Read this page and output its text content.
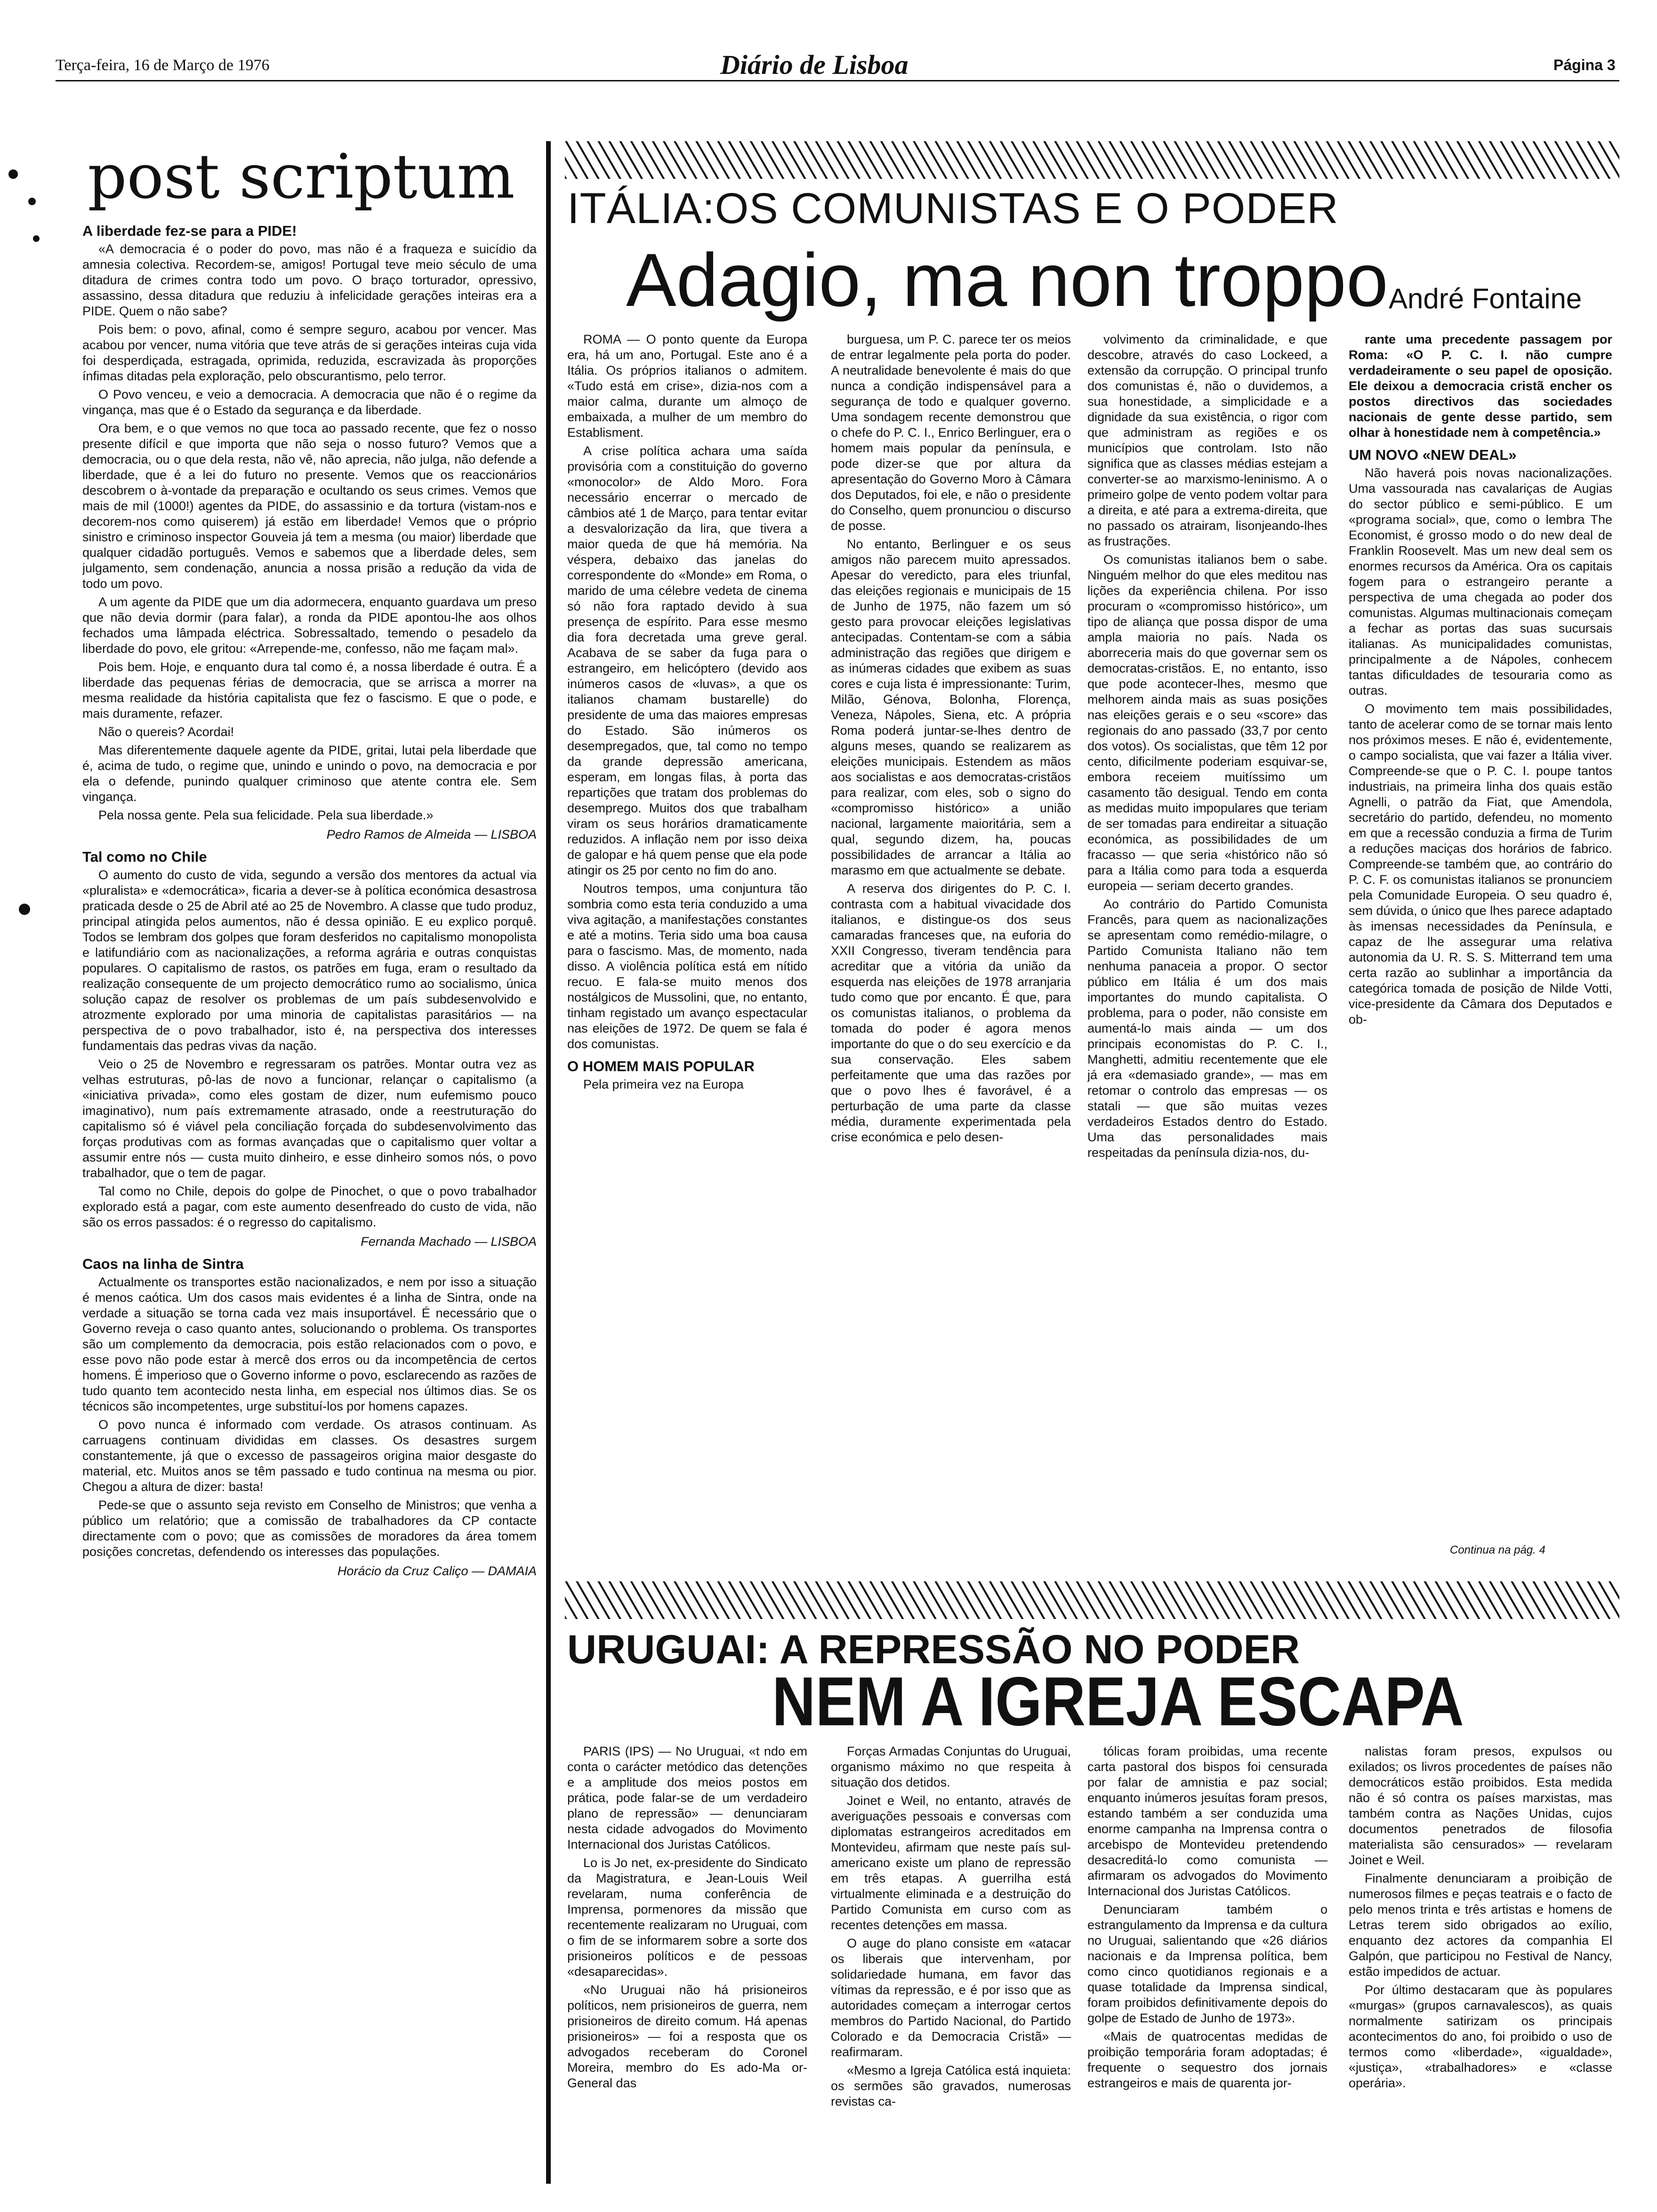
Terça-feira, 16 de Março de 1976	Diário de Lisboa	Página 3
post scriptum
A liberdade fez-se para a PIDE!

«A democracia é o poder do povo, mas não é a fraqueza e suicídio da amnesia colectiva. Recordem-se, amigos! Portugal teve meio século de uma ditadura de crimes contra todo um povo. O braço torturador, opressivo, assassino, dessa ditadura que reduziu à infelicidade gerações inteiras era a PIDE. Quem o não sabe?

Pois bem: o povo, afinal, como é sempre seguro, acabou por vencer. Mas acabou por vencer, numa vitória que teve atrás de si gerações inteiras cuja vida foi desperdiçada, estragada, oprimida, reduzida, escravizada às proporções ínfimas ditadas pela exploração, pelo obscurantismo, pelo terror.

O Povo venceu, e veio a democracia. A democracia que não é o regime da vingança, mas que é o Estado da segurança e da liberdade.

Ora bem, e o que vemos no que toca ao passado recente, que fez o nosso presente difícil e que importa que não seja o nosso futuro? Vemos que a democracia, ou o que dela resta, não vê, não aprecia, não julga, não defende a liberdade, que é a lei do futuro no presente. Vemos que os reaccionários descobrem o à-vontade da preparação e ocultando os seus crimes. Vemos que mais de mil (1000!) agentes da PIDE, do assassinio e da tortura (vistam-nos e decorem-nos como quiserem) já estão em liberdade! Vemos que o próprio sinistro e criminoso inspector Gouveia já tem a mesma (ou maior) liberdade que qualquer cidadão português. Vemos e sabemos que a liberdade deles, sem julgamento, sem condenação, anuncia a nossa prisão a redução da vida de todo um povo.

A um agente da PIDE que um dia adormecera, enquanto guardava um preso que não devia dormir (para falar), a ronda da PIDE apontou-lhe aos olhos fechados uma lâmpada eléctrica. Sobressaltado, temendo o pesadelo da liberdade do povo, ele gritou: «Arrepende-me, confesso, não me façam mal».

Pois bem. Hoje, e enquanto dura tal como é, a nossa liberdade é outra. É a liberdade das pequenas férias de democracia, que se arrisca a morrer na mesma realidade da história capitalista que fez o fascismo. E que o pode, e mais duramente, refazer.

Não o quereis? Acordai!

Mas diferentemente daquele agente da PIDE, gritai, lutai pela liberdade que é, acima de tudo, o regime que, unindo e unindo o povo, na democracia e por ela o defende, punindo qualquer criminoso que atente contra ele. Sem vingança.

Pela nossa gente. Pela sua felicidade. Pela sua liberdade.»

Pedro Ramos de Almeida — LISBOA

Tal como no Chile

O aumento do custo de vida, segundo a versão dos mentores da actual via «pluralista» e «democrática», ficaria a dever-se à política económica desastrosa praticada desde o 25 de Abril até ao 25 de Novembro. A classe que tudo produz, principal atingida pelos aumentos, não é dessa opinião. E eu explico porquê. Todos se lembram dos golpes que foram desferidos no capitalismo monopolista e latifundiário com as nacionalizações, a reforma agrária e outras conquistas populares. O capitalismo de rastos, os patrões em fuga, eram o resultado da realização consequente de um projecto democrático rumo ao socialismo, única solução capaz de resolver os problemas de um país subdesenvolvido e atrozmente explorado por uma minoria de capitalistas parasitários — na perspectiva de o povo trabalhador, isto é, na perspectiva dos interesses fundamentais das pedras vivas da nação.

Veio o 25 de Novembro e regressaram os patrões. Montar outra vez as velhas estruturas, pô-las de novo a funcionar, relançar o capitalismo (a «iniciativa privada», como eles gostam de dizer, num eufemismo pouco imaginativo), num país extremamente atrasado, onde a reestruturação do capitalismo só é viável pela conciliação forçada do subdesenvolvimento das forças produtivas com as formas avançadas que o capitalismo quer voltar a assumir entre nós — custa muito dinheiro, e esse dinheiro somos nós, o povo trabalhador, que o tem de pagar.

Tal como no Chile, depois do golpe de Pinochet, o que o povo trabalhador explorado está a pagar, com este aumento desenfreado do custo de vida, não são os erros passados: é o regresso do capitalismo.

Fernanda Machado — LISBOA

Caos na linha de Sintra

Actualmente os transportes estão nacionalizados, e nem por isso a situação é menos caótica. Um dos casos mais evidentes é a linha de Sintra, onde na verdade a situação se torna cada vez mais insuportável. É necessário que o Governo reveja o caso quanto antes, solucionando o problema. Os transportes são um complemento da democracia, pois estão relacionados com o povo, e esse povo não pode estar à mercê dos erros ou da incompetência de certos homens. É imperioso que o Governo informe o povo, esclarecendo as razões de tudo quanto tem acontecido nesta linha, em especial nos últimos dias. Se os técnicos são incompetentes, urge substituí-los por homens capazes.

O povo nunca é informado com verdade. Os atrasos continuam. As carruagens continuam divididas em classes. Os desastres surgem constantemente, já que o excesso de passageiros origina maior desgaste do material, etc. Muitos anos se têm passado e tudo continua na mesma ou pior. Chegou a altura de dizer: basta!

Pede-se que o assunto seja revisto em Conselho de Ministros; que venha a público um relatório; que a comissão de trabalhadores da CP contacte directamente com o povo; que as comissões de moradores da área tomem posições concretas, defendendo os interesses das populações.

Horácio da Cruz Caliço — DAMAIA

ITÁLIA:OS COMUNISTAS E O PODER
Adagio, ma non troppo André Fontaine

ROMA — O ponto quente da Europa era, há um ano, Portugal. Este ano é a Itália. Os próprios italianos o admitem. «Tudo está em crise», dizia-nos com a maior calma, durante um almoço de embaixada, a mulher de um membro do Establisment.

A crise política achara uma saída provisória com a constituição do governo «monocolor» de Aldo Moro. Fora necessário encerrar o mercado de câmbios até 1 de Março, para tentar evitar a desvalorização da lira, que tivera a maior queda de que há memória. Na véspera, debaixo das janelas do correspondente do «Monde» em Roma, o marido de uma célebre vedeta de cinema só não fora raptado devido à sua presença de espírito. Para esse mesmo dia fora decretada uma greve geral. Acabava de se saber da fuga para o estrangeiro, em helicóptero (devido aos inúmeros casos de «luvas», a que os italianos chamam bustarelle) do presidente de uma das maiores empresas do Estado. São inúmeros os desempregados, que, tal como no tempo da grande depressão americana, esperam, em longas filas, à porta das repartições que tratam dos problemas do desemprego. Muitos dos que trabalham viram os seus horários dramaticamente reduzidos. A inflação nem por isso deixa de galopar e há quem pense que ela pode atingir os 25 por cento no fim do ano.

Noutros tempos, uma conjuntura tão sombria como esta teria conduzido a uma viva agitação, a manifestações constantes e até a motins. Teria sido uma boa causa para o fascismo. Mas, de momento, nada disso. A violência política está em nítido recuo. E fala-se muito menos dos nostálgicos de Mussolini, que, no entanto, tinham registado um avanço espectacular nas eleições de 1972. De quem se fala é dos comunistas.

O HOMEM MAIS POPULAR

Pela primeira vez na Europa

burguesa, um P. C. parece ter os meios de entrar legalmente pela porta do poder. A neutralidade benevolente é mais do que nunca a condição indispensável para a segurança de todo e qualquer governo. Uma sondagem recente demonstrou que o chefe do P. C. I., Enrico Berlinguer, era o homem mais popular da península, e pode dizer-se que por altura da apresentação do Governo Moro à Câmara dos Deputados, foi ele, e não o presidente do Conselho, quem pronunciou o discurso de posse.

No entanto, Berlinguer e os seus amigos não parecem muito apressados. Apesar do veredicto, para eles triunfal, das eleições regionais e municipais de 15 de Junho de 1975, não fazem um só gesto para provocar eleições legislativas antecipadas. Contentam-se com a sábia administração das regiões que dirigem e as inúmeras cidades que exibem as suas cores e cuja lista é impressionante: Turim, Milão, Génova, Bolonha, Florença, Veneza, Nápoles, Siena, etc. A própria Roma poderá juntar-se-lhes dentro de alguns meses, quando se realizarem as eleições municipais. Estendem as mãos aos socialistas e aos democratas-cristãos para realizar, com eles, sob o signo do «compromisso histórico» a união nacional, largamente maioritária, sem a qual, segundo dizem, ha, poucas possibilidades de arrancar a Itália ao marasmo em que actualmente se debate.

A reserva dos dirigentes do P. C. I. contrasta com a habitual vivacidade dos italianos, e distingue-os dos seus camaradas franceses que, na euforia do XXII Congresso, tiveram tendência para acreditar que a vitória da união da esquerda nas eleições de 1978 arranjaria tudo como que por encanto. É que, para os comunistas italianos, o problema da tomada do poder é agora menos importante do que o do seu exercício e da sua conservação. Eles sabem perfeitamente que uma das razões por que o povo lhes é favorável, é a perturbação de uma parte da classe média, duramente experimentada pela crise económica e pelo desen-

volvimento da criminalidade, e que descobre, através do caso Lockeed, a extensão da corrupção. O principal trunfo dos comunistas é, não o duvidemos, a sua honestidade, a simplicidade e a dignidade da sua existência, o rigor com que administram as regiões e os municípios que controlam. Isto não significa que as classes médias estejam a converter-se ao marxismo-leninismo. A o primeiro golpe de vento podem voltar para a direita, e até para a extrema-direita, que no passado os atrairam, lisonjeando-lhes as frustrações.

Os comunistas italianos bem o sabe. Ninguém melhor do que eles meditou nas lições da experiência chilena. Por isso procuram o «compromisso histórico», um tipo de aliança que possa dispor de uma ampla maioria no país. Nada os aborreceria mais do que governar sem os democratas-cristãos. E, no entanto, isso que pode acontecer-lhes, mesmo que melhorem ainda mais as suas posições nas eleições gerais e o seu «score» das regionais do ano passado (33,7 por cento dos votos). Os socialistas, que têm 12 por cento, dificilmente poderiam esquivar-se, embora receiem muitíssimo um casamento tão desigual. Tendo em conta as medidas muito impopulares que teriam de ser tomadas para endireitar a situação económica, as possibilidades de um fracasso — que seria «histórico não só para a Itália como para toda a esquerda europeia — seriam decerto grandes.

Ao contrário do Partido Comunista Francês, para quem as nacionalizações se apresentam como remédio-milagre, o Partido Comunista Italiano não tem nenhuma panaceia a propor. O sector público em Itália é um dos mais importantes do mundo capitalista. O problema, para o poder, não consiste em aumentá-lo mais ainda — um dos principais economistas do P. C. I., Manghetti, admitiu recentemente que ele já era «demasiado grande», — mas em retomar o controlo das empresas — os statali — que são muitas vezes verdadeiros Estados dentro do Estado. Uma das personalidades mais respeitadas da península dizia-nos, du-

rante uma precedente passagem por Roma: «O P. C. I. não cumpre verdadeiramente o seu papel de oposição. Ele deixou a democracia cristã encher os postos directivos das sociedades nacionais de gente desse partido, sem olhar à honestidade nem à competência.»

UM NOVO «NEW DEAL»

Não haverá pois novas nacionalizações. Uma vassourada nas cavalariças de Augias do sector público e semi-público. E um «programa social», que, como o lembra The Economist, é grosso modo o do new deal de Franklin Roosevelt. Mas um new deal sem os enormes recursos da América. Ora os capitais fogem para o estrangeiro perante a perspectiva de uma chegada ao poder dos comunistas. Algumas multinacionais começam a fechar as portas das suas sucursais italianas. As municipalidades comunistas, principalmente a de Nápoles, conhecem tantas dificuldades de tesouraria como as outras.

O movimento tem mais possibilidades, tanto de acelerar como de se tornar mais lento nos próximos meses. E não é, evidentemente, o campo socialista, que vai fazer a Itália viver. Compreende-se que o P. C. I. poupe tantos industriais, na primeira linha dos quais estão Agnelli, o patrão da Fiat, que Amendola, secretário do partido, defendeu, no momento em que a recessão conduzia a firma de Turim a reduções maciças dos horários de fabrico. Compreende-se também que, ao contrário do P. C. F. os comunistas italianos se pronunciem pela Comunidade Europeia. O seu quadro é, sem dúvida, o único que lhes parece adaptado às imensas necessidades da Península, e capaz de lhe assegurar uma relativa autonomia da U. R. S. S. Mitterrand tem uma certa razão ao sublinhar a importância da categórica tomada de posição de Nilde Votti, vice-presidente da Câmara dos Deputados e ob-

Continua na pág. 4
URUGUAI: A REPRESSÃO NO PODER
NEM A IGREJA ESCAPA

PARIS (IPS) — No Uruguai, «t ndo em conta o carácter metódico das detenções e a amplitude dos meios postos em prática, pode falar-se de um verdadeiro plano de repressão» — denunciaram nesta cidade advogados do Movimento Internacional dos Juristas Católicos.

Lo is Jo net, ex-presidente do Sindicato da Magistratura, e Jean-Louis Weil revelaram, numa conferência de Imprensa, pormenores da missão que recentemente realizaram no Uruguai, com o fim de se informarem sobre a sorte dos prisioneiros políticos e de pessoas «desaparecidas».

«No Uruguai não há prisioneiros políticos, nem prisioneiros de guerra, nem prisioneiros de direito comum. Há apenas prisioneiros» — foi a resposta que os advogados receberam do Coronel Moreira, membro do Es ado-Ma or-General das

Forças Armadas Conjuntas do Uruguai, organismo máximo no que respeita à situação dos detidos.

Joinet e Weil, no entanto, através de averiguações pessoais e conversas com diplomatas estrangeiros acreditados em Montevideu, afirmam que neste país sul-americano existe um plano de repressão em três etapas. A guerrilha está virtualmente eliminada e a destruição do Partido Comunista em curso com as recentes detenções em massa.

O auge do plano consiste em «atacar os liberais que intervenham, por solidariedade humana, em favor das vítimas da repressão, e é por isso que as autoridades começam a interrogar certos membros do Partido Nacional, do Partido Colorado e da Democracia Cristã» — reafirmaram.

«Mesmo a Igreja Católica está inquieta: os sermões são gravados, numerosas revistas ca-

tólicas foram proibidas, uma recente carta pastoral dos bispos foi censurada por falar de amnistia e paz social; enquanto inúmeros jesuítas foram presos, estando também a ser conduzida uma enorme campanha na Imprensa contra o arcebispo de Montevideu pretendendo desacreditá-lo como comunista — afirmaram os advogados do Movimento Internacional dos Juristas Católicos.

Denunciaram também o estrangulamento da Imprensa e da cultura no Uruguai, salientando que «26 diários nacionais e da Imprensa política, bem como cinco quotidianos regionais e a quase totalidade da Imprensa sindical, foram proibidos definitivamente depois do golpe de Estado de Junho de 1973».

«Mais de quatrocentas medidas de proibição temporária foram adoptadas; é frequente o sequestro dos jornais estrangeiros e mais de quarenta jor-

nalistas foram presos, expulsos ou exilados; os livros procedentes de países não democráticos estão proibidos. Esta medida não é só contra os países marxistas, mas também contra as Nações Unidas, cujos documentos penetrados de filosofia materialista são censurados» — revelaram Joinet e Weil.

Finalmente denunciaram a proibição de numerosos filmes e peças teatrais e o facto de pelo menos trinta e três artistas e homens de Letras terem sido obrigados ao exílio, enquanto dez actores da companhia El Galpón, que participou no Festival de Nancy, estão impedidos de actuar.

Por último destacaram que às populares «murgas» (grupos carnavalescos), as quais normalmente satirizam os principais acontecimentos do ano, foi proibido o uso de termos como «liberdade», «igualdade», «justiça», «trabalhadores» e «classe operária».
